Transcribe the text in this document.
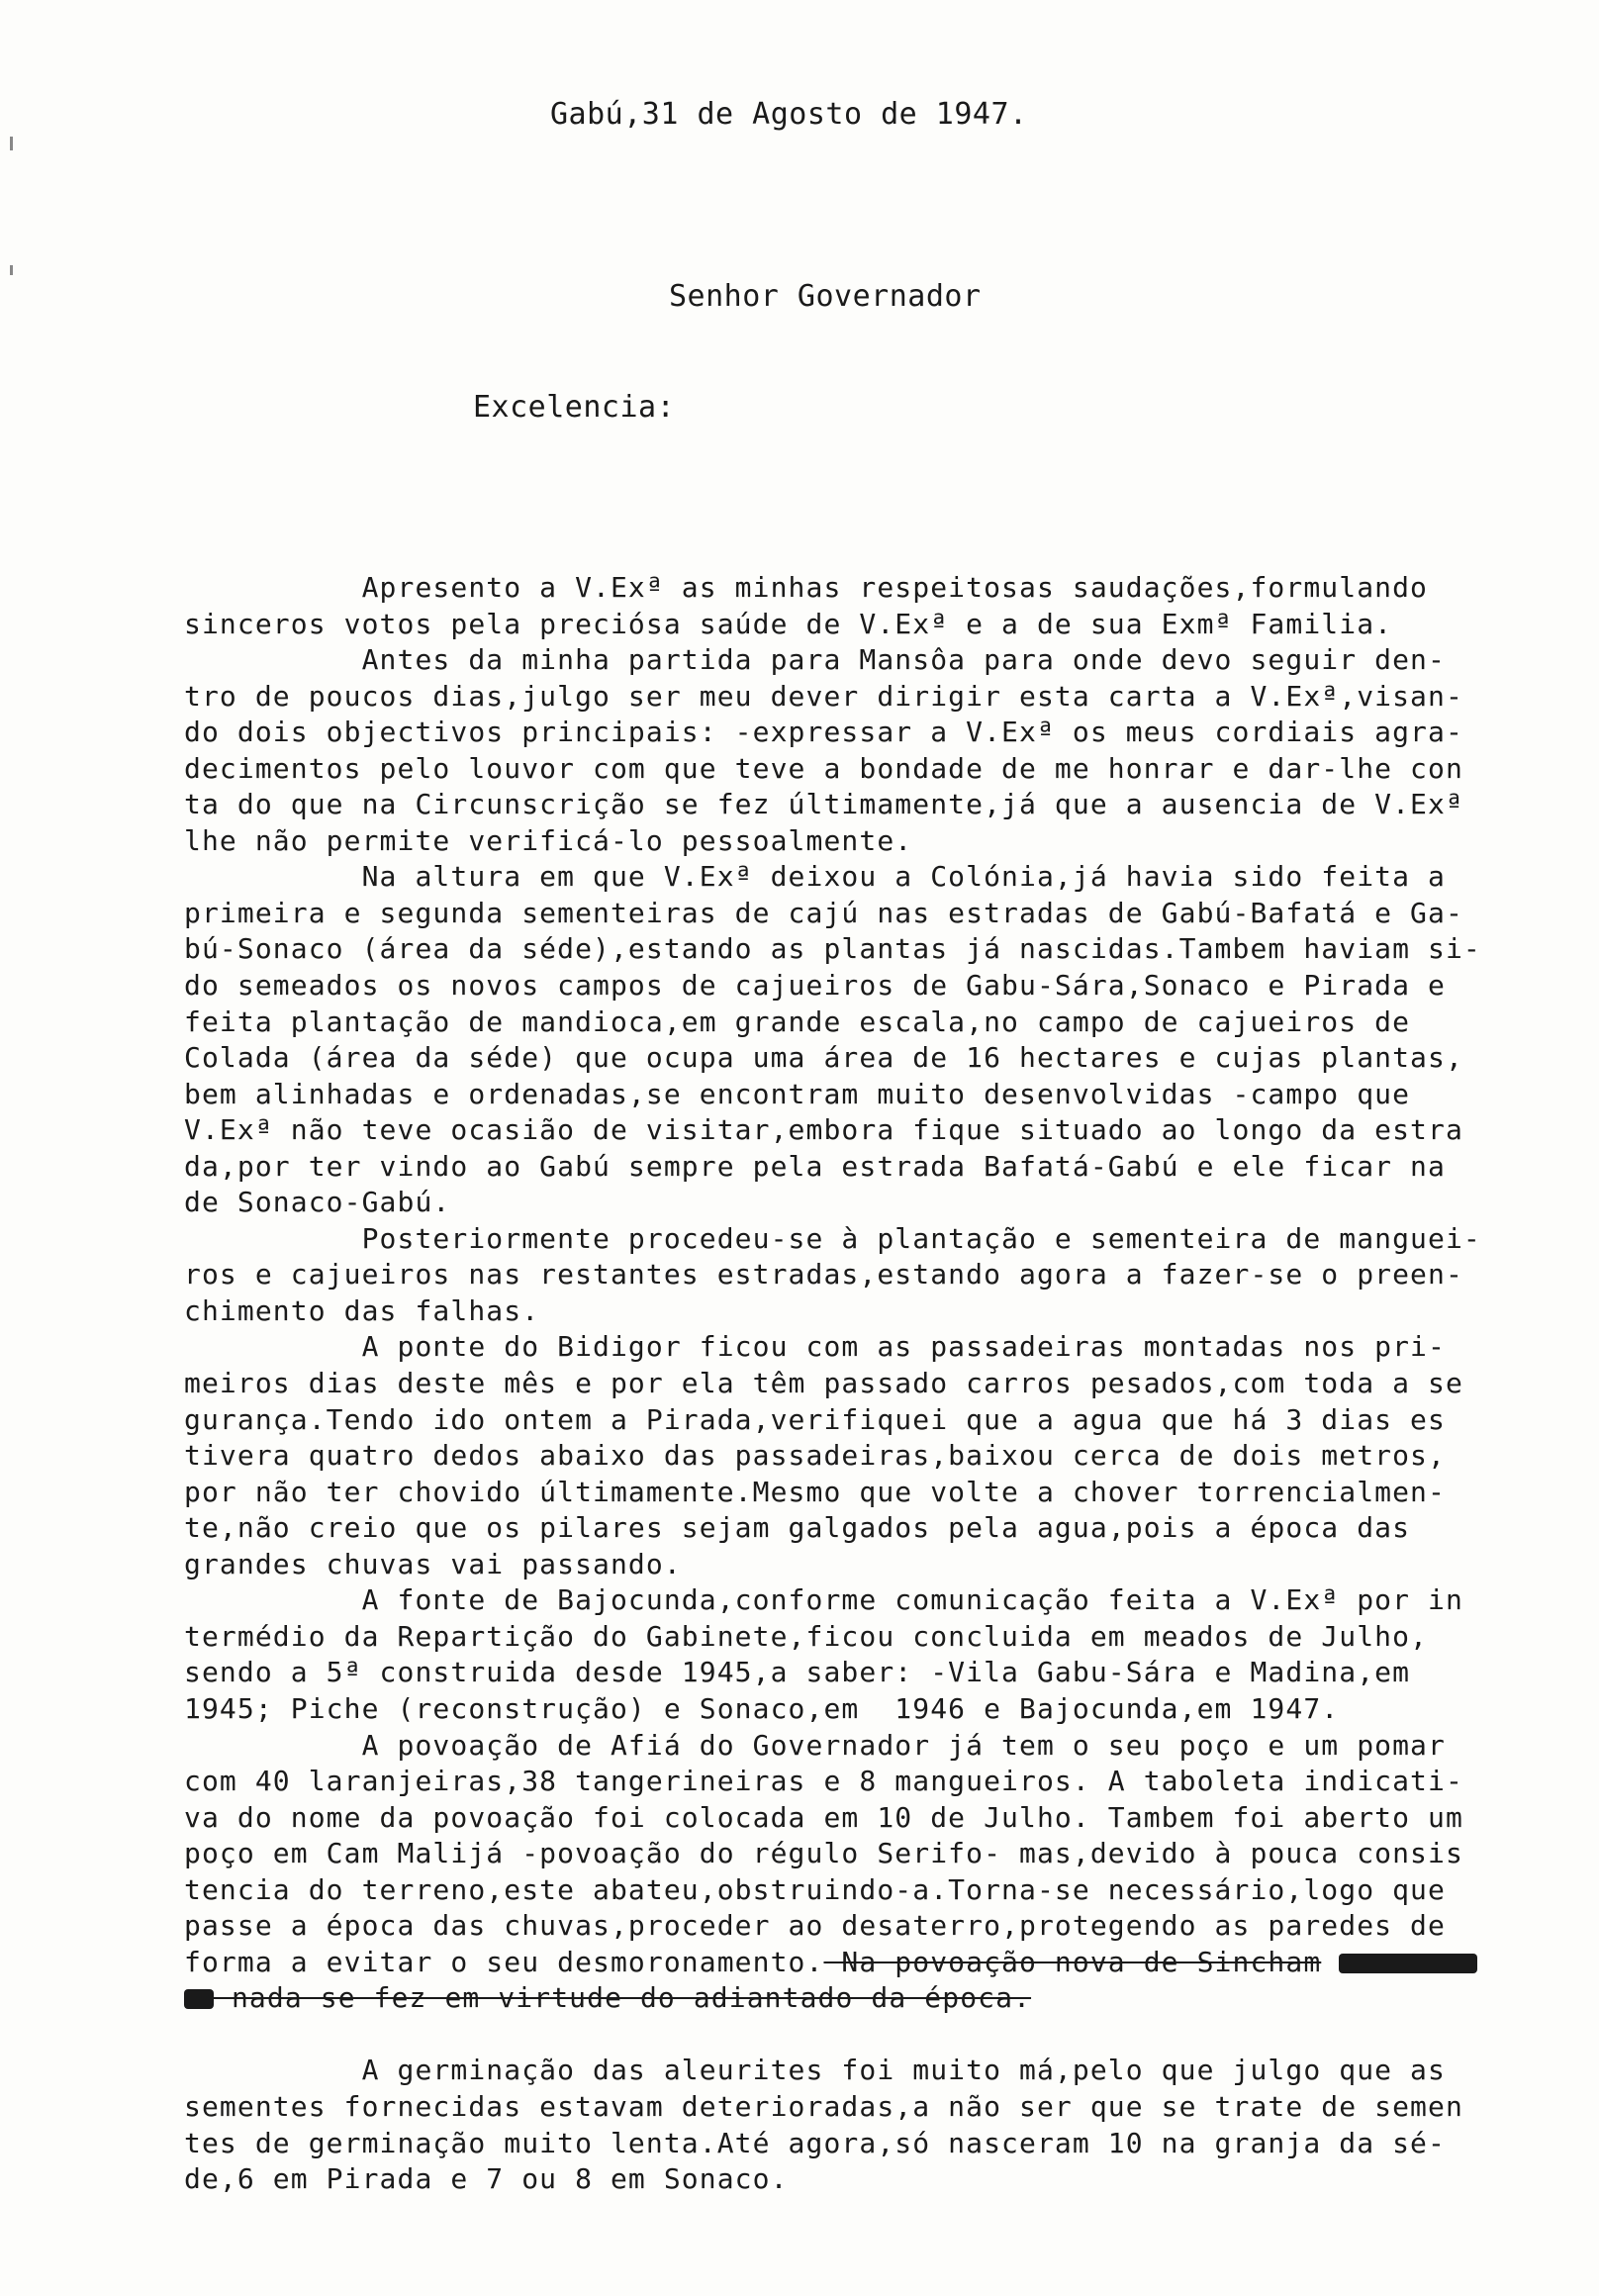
Gabú,31 de Agosto de 1947.
Senhor Governador
Excelencia:
Apresento a V.Exª as minhas respeitosas saudações,formulando
sinceros votos pela preciósa saúde de V.Exª e a de sua Exmª Familia.
Antes da minha partida para Mansôa para onde devo seguir den-
tro de poucos dias,julgo ser meu dever dirigir esta carta a V.Exª,visan-
do dois objectivos principais: -expressar a V.Exª os meus cordiais agra-
decimentos pelo louvor com que teve a bondade de me honrar e dar-lhe con
ta do que na Circunscrição se fez últimamente,já que a ausencia de V.Exª
lhe não permite verificá-lo pessoalmente.
Na altura em que V.Exª deixou a Colónia,já havia sido feita a
primeira e segunda sementeiras de cajú nas estradas de Gabú-Bafatá e Ga-
bú-Sonaco (área da séde),estando as plantas já nascidas.Tambem haviam si-
do semeados os novos campos de cajueiros de Gabu-Sára,Sonaco e Pirada e
feita plantação de mandioca,em grande escala,no campo de cajueiros de
Colada (área da séde) que ocupa uma área de 16 hectares e cujas plantas,
bem alinhadas e ordenadas,se encontram muito desenvolvidas -campo que
V.Exª não teve ocasião de visitar,embora fique situado ao longo da estra
da,por ter vindo ao Gabú sempre pela estrada Bafatá-Gabú e ele ficar na
de Sonaco-Gabú.
Posteriormente procedeu-se à plantação e sementeira de manguei-
ros e cajueiros nas restantes estradas,estando agora a fazer-se o preen-
chimento das falhas.
A ponte do Bidigor ficou com as passadeiras montadas nos pri-
meiros dias deste mês e por ela têm passado carros pesados,com toda a se
gurança.Tendo ido ontem a Pirada,verifiquei que a agua que há 3 dias es
tivera quatro dedos abaixo das passadeiras,baixou cerca de dois metros,
por não ter chovido últimamente.Mesmo que volte a chover torrencialmen-
te,não creio que os pilares sejam galgados pela agua,pois a época das
grandes chuvas vai passando.
A fonte de Bajocunda,conforme comunicação feita a V.Exª por in
termédio da Repartição do Gabinete,ficou concluida em meados de Julho,
sendo a 5ª construida desde 1945,a saber: -Vila Gabu-Sára e Madina,em
1945; Piche (reconstrução) e Sonaco,em  1946 e Bajocunda,em 1947.
A povoação de Afiá do Governador já tem o seu poço e um pomar
com 40 laranjeiras,38 tangerineiras e 8 mangueiros. A taboleta indicati-
va do nome da povoação foi colocada em 10 de Julho. Tambem foi aberto um
poço em Cam Malijá -povoação do régulo Serifo- mas,devido à pouca consis
tencia do terreno,este abateu,obstruindo-a.Torna-se necessário,logo que
passe a época das chuvas,proceder ao desaterro,protegendo as paredes de
forma a evitar o seu desmoronamento. Na povoação nova de Sincham
nada se fez em virtude do adiantado da época.
A germinação das aleurites foi muito má,pelo que julgo que as
sementes fornecidas estavam deterioradas,a não ser que se trate de semen
tes de germinação muito lenta.Até agora,só nasceram 10 na granja da sé-
de,6 em Pirada e 7 ou 8 em Sonaco.
